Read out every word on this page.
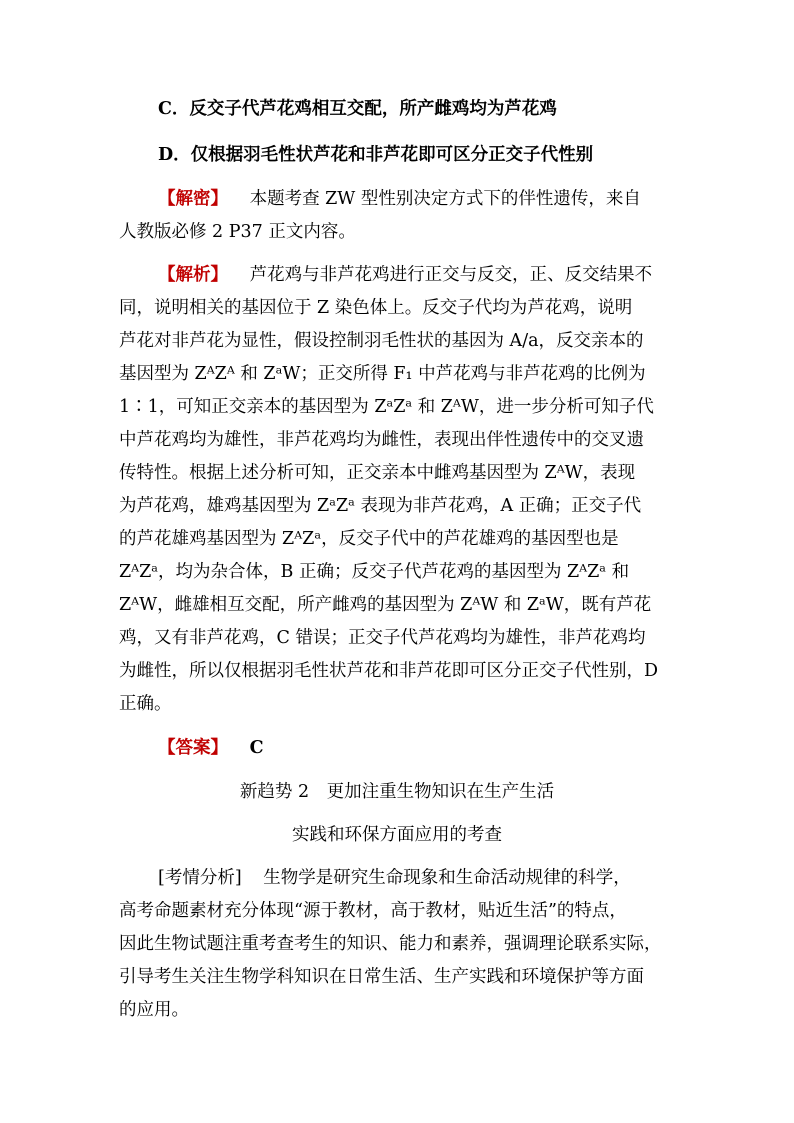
C．反交子代芦花鸡相互交配，所产雌鸡均为芦花鸡
D．仅根据羽毛性状芦花和非芦花即可区分正交子代性别
【解密】 本题考查 ZW 型性别决定方式下的伴性遗传，来自
人教版必修 2 P37 正文内容。
【解析】 芦花鸡与非芦花鸡进行正交与反交，正、反交结果不
同，说明相关的基因位于 Z 染色体上。反交子代均为芦花鸡，说明
芦花对非芦花为显性，假设控制羽毛性状的基因为 A/a，反交亲本的
基因型为 ZᴬZᴬ 和 ZᵃW；正交所得 F₁ 中芦花鸡与非芦花鸡的比例为
1∶1，可知正交亲本的基因型为 ZᵃZᵃ 和 ZᴬW，进一步分析可知子代
中芦花鸡均为雄性，非芦花鸡均为雌性，表现出伴性遗传中的交叉遗
传特性。根据上述分析可知，正交亲本中雌鸡基因型为 ZᴬW，表现
为芦花鸡，雄鸡基因型为 ZᵃZᵃ 表现为非芦花鸡，A 正确；正交子代
的芦花雄鸡基因型为 ZᴬZᵃ，反交子代中的芦花雄鸡的基因型也是
ZᴬZᵃ，均为杂合体，B 正确；反交子代芦花鸡的基因型为 ZᴬZᵃ 和
ZᴬW，雌雄相互交配，所产雌鸡的基因型为 ZᴬW 和 ZᵃW，既有芦花
鸡，又有非芦花鸡，C 错误；正交子代芦花鸡均为雄性，非芦花鸡均
为雌性，所以仅根据羽毛性状芦花和非芦花即可区分正交子代性别，D
正确。
【答案】 C
新趋势 2　更加注重生物知识在生产生活
实践和环保方面应用的考查
[考情分析] 生物学是研究生命现象和生命活动规律的科学，
高考命题素材充分体现“源于教材，高于教材，贴近生活”的特点，
因此生物试题注重考查考生的知识、能力和素养，强调理论联系实际，
引导考生关注生物学科知识在日常生活、生产实践和环境保护等方面
的应用。
